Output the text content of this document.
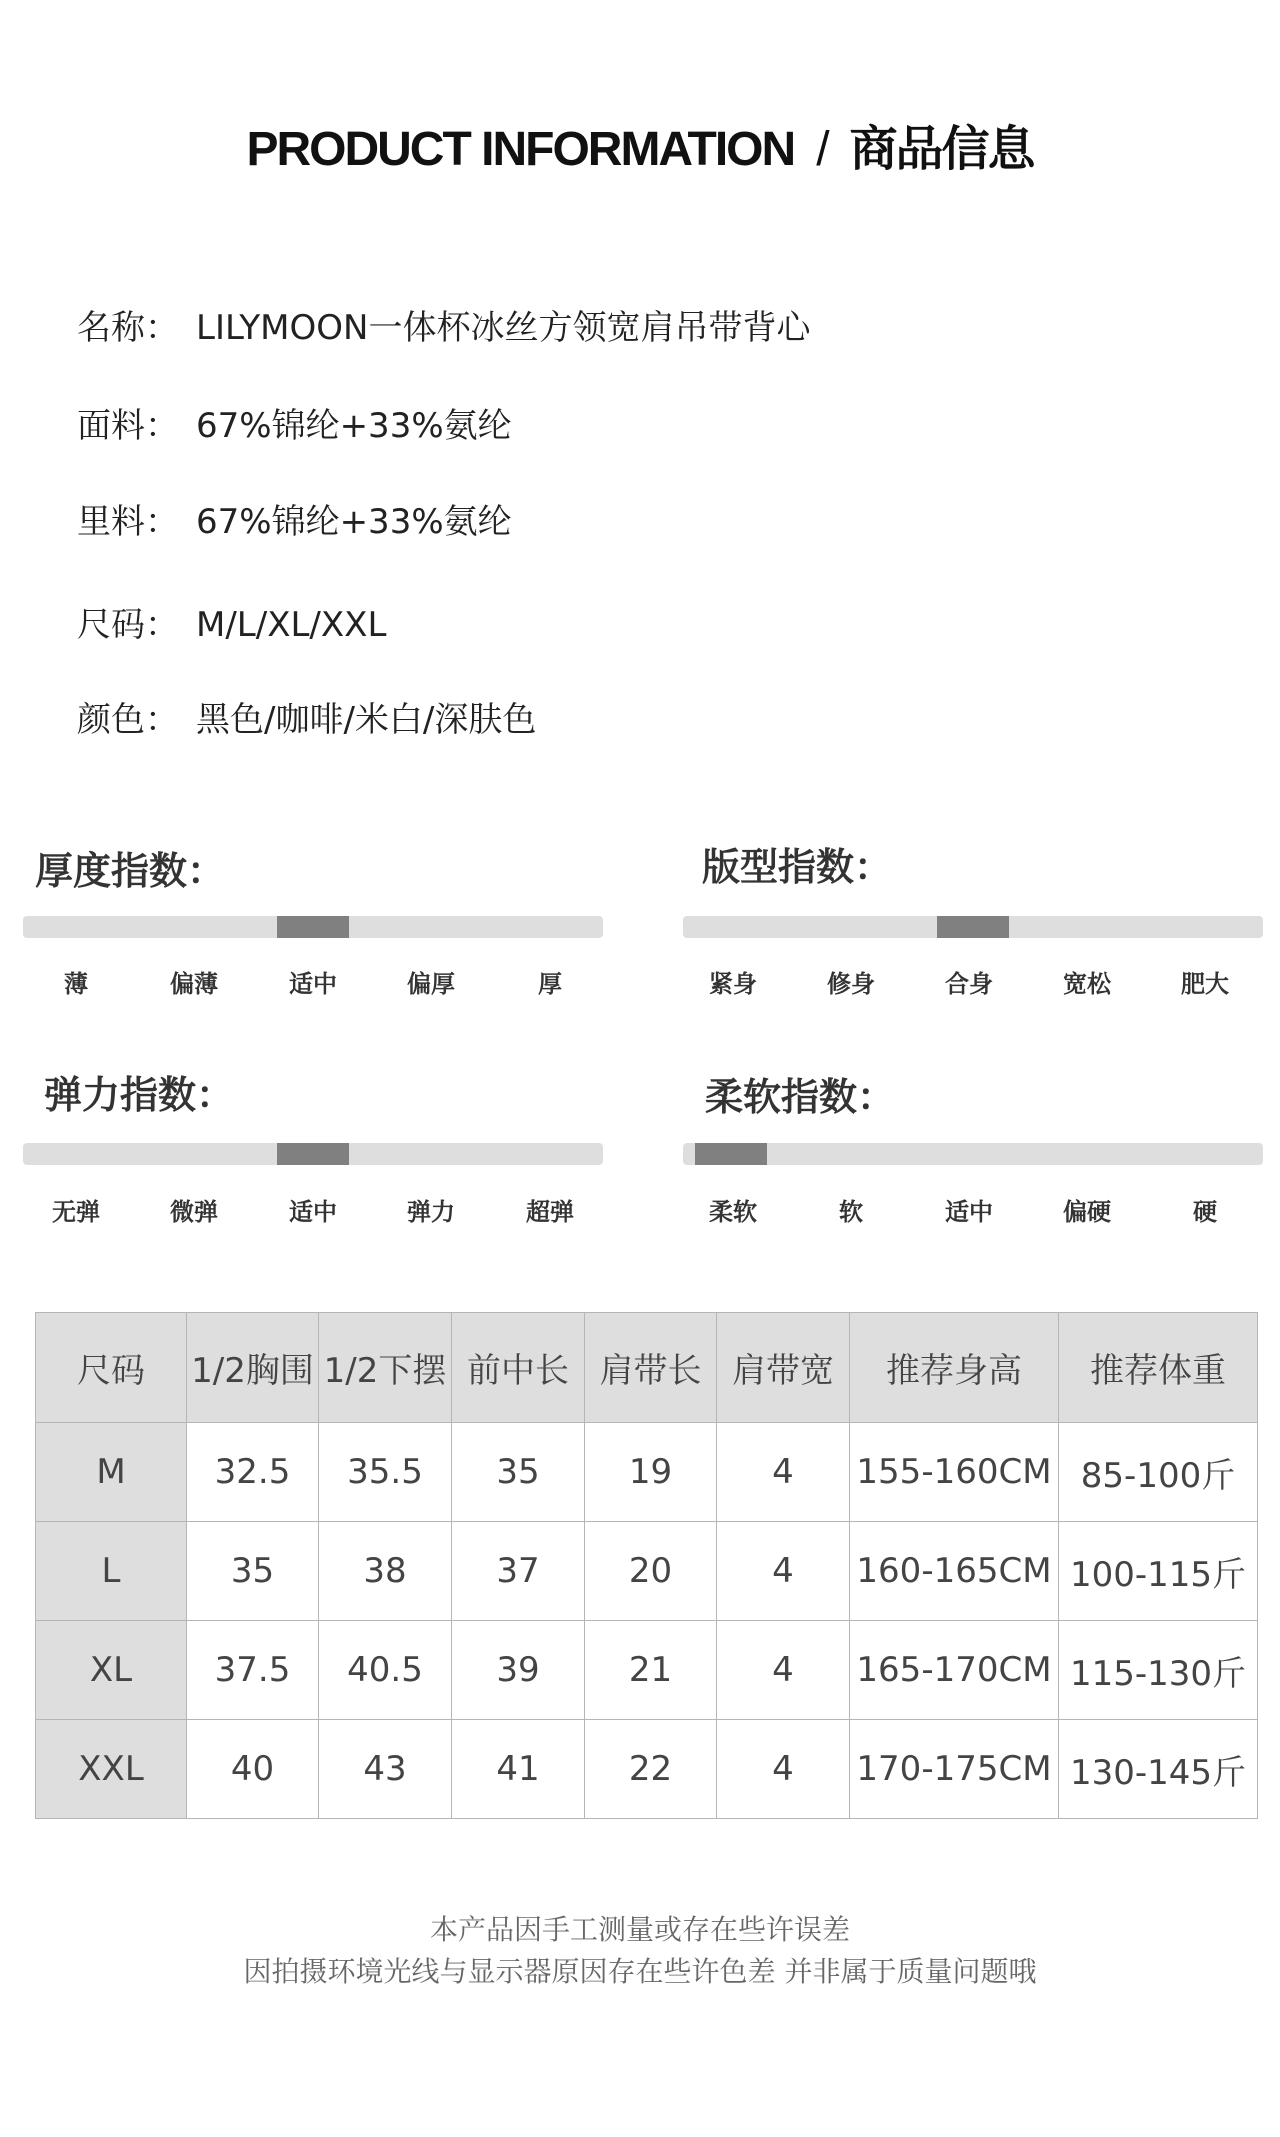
PRODUCT INFORMATION / 商品信息
名称： LILYMOON一体杯冰丝方领宽肩吊带背心
面料： 67%锦纶+33%氨纶
里料： 67%锦纶+33%氨纶
尺码： M/L/XL/XXL
颜色： 黑色/咖啡/米白/深肤色
厚度指数：
薄	偏薄	适中	偏厚	厚
版型指数：
紧身	修身	合身	宽松	肥大
弹力指数：
无弹	微弹	适中	弹力	超弹
柔软指数：
柔软	软	适中	偏硬	硬
尺码	1/2胸围	1/2下摆	前中长	肩带长	肩带宽	推荐身高	推荐体重
M	32.5	35.5	35	19	4	155-160CM	85-100斤
L	35	38	37	20	4	160-165CM	100-115斤
XL	37.5	40.5	39	21	4	165-170CM	115-130斤
XXL	40	43	41	22	4	170-175CM	130-145斤
本产品因手工测量或存在些许误差
因拍摄环境光线与显示器原因存在些许色差 并非属于质量问题哦
